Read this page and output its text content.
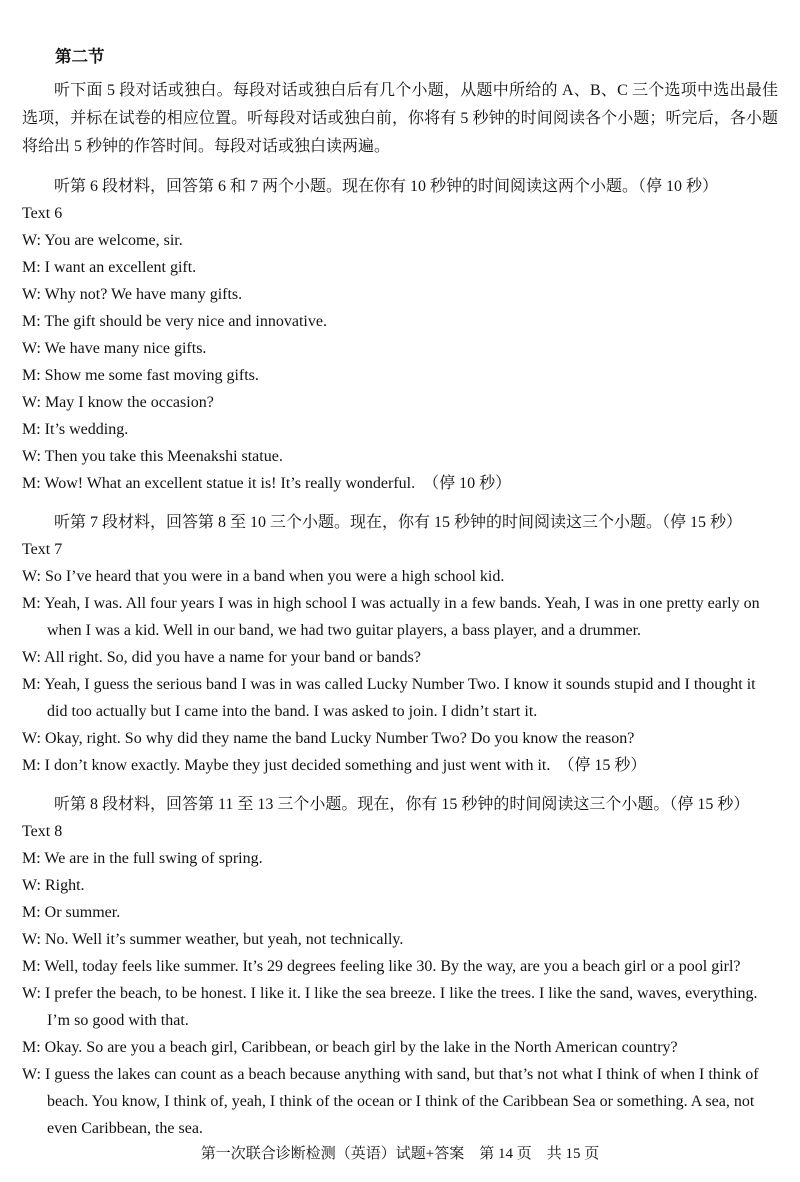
第二节

听下面 5 段对话或独白。每段对话或独白后有几个小题，从题中所给的 A、B、C 三个选项中选出最佳选项，并标在试卷的相应位置。听每段对话或独白前，你将有 5 秒钟的时间阅读各个小题；听完后，各小题将给出 5 秒钟的作答时间。每段对话或独白读两遍。

听第 6 段材料，回答第 6 和 7 两个小题。现在你有 10 秒钟的时间阅读这两个小题。（停 10 秒）

Text 6

W: You are welcome, sir.

M: I want an excellent gift.

W: Why not? We have many gifts.

M: The gift should be very nice and innovative.

W: We have many nice gifts.

M: Show me some fast moving gifts.

W: May I know the occasion?

M: It’s wedding.

W: Then you take this Meenakshi statue.

M: Wow! What an excellent statue it is! It’s really wonderful.　（停 10 秒）

听第 7 段材料，回答第 8 至 10 三个小题。现在，你有 15 秒钟的时间阅读这三个小题。（停 15 秒）

Text 7

W: So I’ve heard that you were in a band when you were a high school kid.

M: Yeah, I was. All four years I was in high school I was actually in a few bands. Yeah, I was in one pretty early on when I was a kid. Well in our band, we had two guitar players, a bass player, and a drummer.

W: All right. So, did you have a name for your band or bands?

M: Yeah, I guess the serious band I was in was called Lucky Number Two. I know it sounds stupid and I thought it did too actually but I came into the band. I was asked to join. I didn’t start it.

W: Okay, right. So why did they name the band Lucky Number Two? Do you know the reason?

M: I don’t know exactly. Maybe they just decided something and just went with it.　（停 15 秒）

听第 8 段材料，回答第 11 至 13 三个小题。现在，你有 15 秒钟的时间阅读这三个小题。（停 15 秒）

Text 8

M: We are in the full swing of spring.

W: Right.

M: Or summer.

W: No. Well it’s summer weather, but yeah, not technically.

M: Well, today feels like summer. It’s 29 degrees feeling like 30. By the way, are you a beach girl or a pool girl?

W: I prefer the beach, to be honest. I like it. I like the sea breeze. I like the trees. I like the sand, waves, everything. I’m so good with that.

M: Okay. So are you a beach girl, Caribbean, or beach girl by the lake in the North American country?

W: I guess the lakes can count as a beach because anything with sand, but that’s not what I think of when I think of beach. You know, I think of, yeah, I think of the ocean or I think of the Caribbean Sea or something. A sea, not even Caribbean, the sea.

第一次联合诊断检测（英语）试题+答案　第 14 页　共 15 页
